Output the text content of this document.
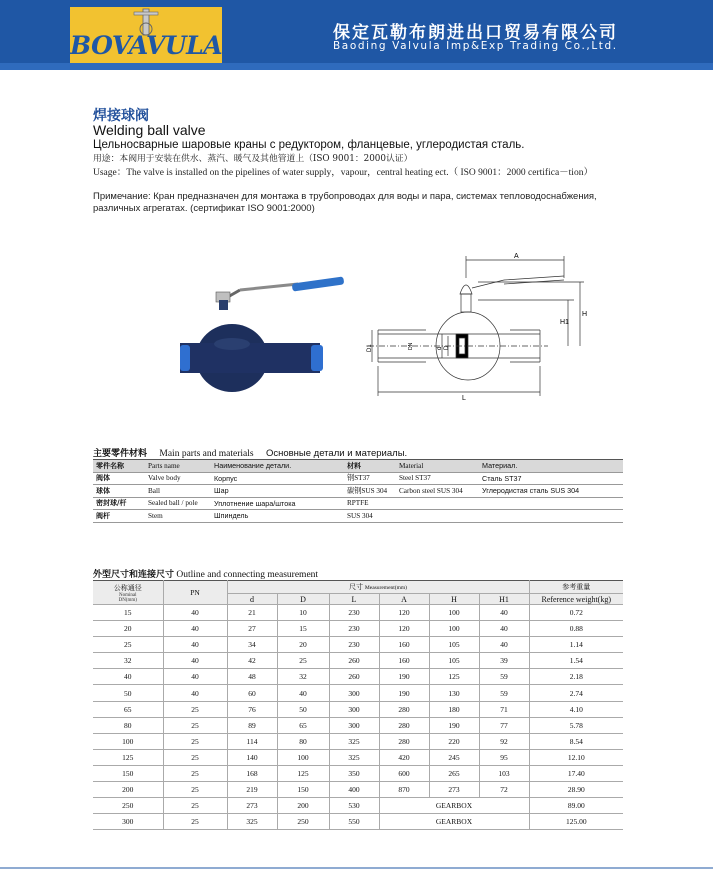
BOVAVULA	保定瓦勒布朗进出口贸易有限公司
Baoding Valvula Imp&Exp Trading Co.,Ltd.
焊接球阀
Welding ball valve
Цельносварные шаровые краны с редуктором, фланцевые, углеродистая сталь.
用途：本阀用于安装在供水、蒸汽、暖气及其他管道上（ISO 9001：2000认证）
Usage：The valve is installed on the pipelines of water supply，vapour，central heating ect.（ ISO 9001：2000 certifica－tion）
Примечание: Кран предназначен для монтажа в трубопроводах для воды и пара, системах тепловодоснабжения, различных агрегатах. (сертификат ISO 9001:2000)
A
H
H1
L
D1	DN	d D
主要零件材料 Main parts and materials Основные детали и материалы.
零件名称	Parts name	Наименование детали.	材料	Material	Материал.
阀体	Valve body	Корпус	钢ST37	Steel ST37	Сталь ST37
球体	Ball	Шар	碳钢SUS 304	Carbon steel SUS 304	Углеродистая сталь SUS 304
密封球/杆	Sealed ball / pole	Уплотнение шара/штока	RPTFE		
阀杆	Stem	Шпиндель	SUS 304		
外型尺寸和连接尺寸 Outline and connecting measurement
公称通径
Nominal
DN(mm)	PN	尺寸 Measurement(mm)						参考重量
		d	D	L	A	H	H1	Reference weight(kg)
15	40	21	10	230	120	100	40	0.72
20	40	27	15	230	120	100	40	0.88
25	40	34	20	230	160	105	40	1.14
32	40	42	25	260	160	105	39	1.54
40	40	48	32	260	190	125	59	2.18
50	40	60	40	300	190	130	59	2.74
65	25	76	50	300	280	180	71	4.10
80	25	89	65	300	280	190	77	5.78
100	25	114	80	325	280	220	92	8.54
125	25	140	100	325	420	245	95	12.10
150	25	168	125	350	600	265	103	17.40
200	25	219	150	400	870	273	72	28.90
250	25	273	200	530	GEARBOX			89.00
300	25	325	250	550	GEARBOX			125.00
